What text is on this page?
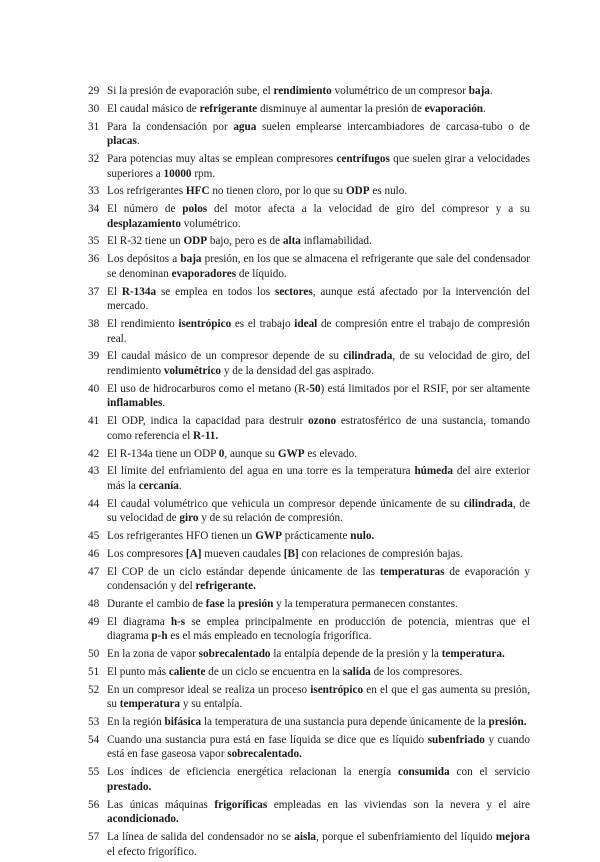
29 Si la presión de evaporación sube, el rendimiento volumétrico de un compresor baja.
30 El caudal másico de refrigerante disminuye al aumentar la presión de evaporación.
31 Para la condensación por agua suelen emplearse intercambiadores de carcasa-tubo o de placas.
32 Para potencias muy altas se emplean compresores centrífugos que suelen girar a velocidades superiores a 10000 rpm.
33 Los refrigerantes HFC no tienen cloro, por lo que su ODP es nulo.
34 El número de polos del motor afecta a la velocidad de giro del compresor y a su desplazamiento volumétrico.
35 El R-32 tiene un ODP bajo, pero es de alta inflamabilidad.
36 Los depósitos a baja presión, en los que se almacena el refrigerante que sale del condensador se denominan evaporadores de líquido.
37 El R-134a se emplea en todos los sectores, aunque está afectado por la intervención del mercado.
38 El rendimiento isentrópico es el trabajo ideal de compresión entre el trabajo de compresión real.
39 El caudal másico de un compresor depende de su cilindrada, de su velocidad de giro, del rendimiento volumétrico y de la densidad del gas aspirado.
40 El uso de hidrocarburos como el metano (R-50) está limitados por el RSIF, por ser altamente inflamables.
41 El ODP, indica la capacidad para destruir ozono estratosférico de una sustancia, tomando como referencia el R-11.
42 El R-134a tiene un ODP 0, aunque su GWP es elevado.
43 El límite del enfriamiento del agua en una torre es la temperatura húmeda del aire exterior más la cercanía.
44 El caudal volumétrico que vehicula un compresor depende únicamente de su cilindrada, de su velocidad de giro y de su relación de compresión.
45 Los refrigerantes HFO tienen un GWP prácticamente nulo.
46 Los compresores [A] mueven caudales [B] con relaciones de compresión bajas.
47 El COP de un ciclo estándar depende únicamente de las temperaturas de evaporación y condensación y del refrigerante.
48 Durante el cambio de fase la presión y la temperatura permanecen constantes.
49 El diagrama h-s se emplea principalmente en producción de potencia, mientras que el diagrama p-h es el más empleado en tecnología frigorífica.
50 En la zona de vapor sobrecalentado la entalpía depende de la presión y la temperatura.
51 El punto más caliente de un ciclo se encuentra en la salida de los compresores.
52 En un compresor ideal se realiza un proceso isentrópico en el que el gas aumenta su presión, su temperatura y su entalpía.
53 En la región bifásica la temperatura de una sustancia pura depende únicamente de la presión.
54 Cuando una sustancia pura está en fase líquida se dice que es líquido subenfriado y cuando está en fase gaseosa vapor sobrecalentado.
55 Los índices de eficiencia energética relacionan la energía consumida con el servicio prestado.
56 Las únicas máquinas frigoríficas empleadas en las viviendas son la nevera y el aire acondicionado.
57 La línea de salida del condensador no se aisla, porque el subenfriamiento del líquido mejora el efecto frigorífico.
